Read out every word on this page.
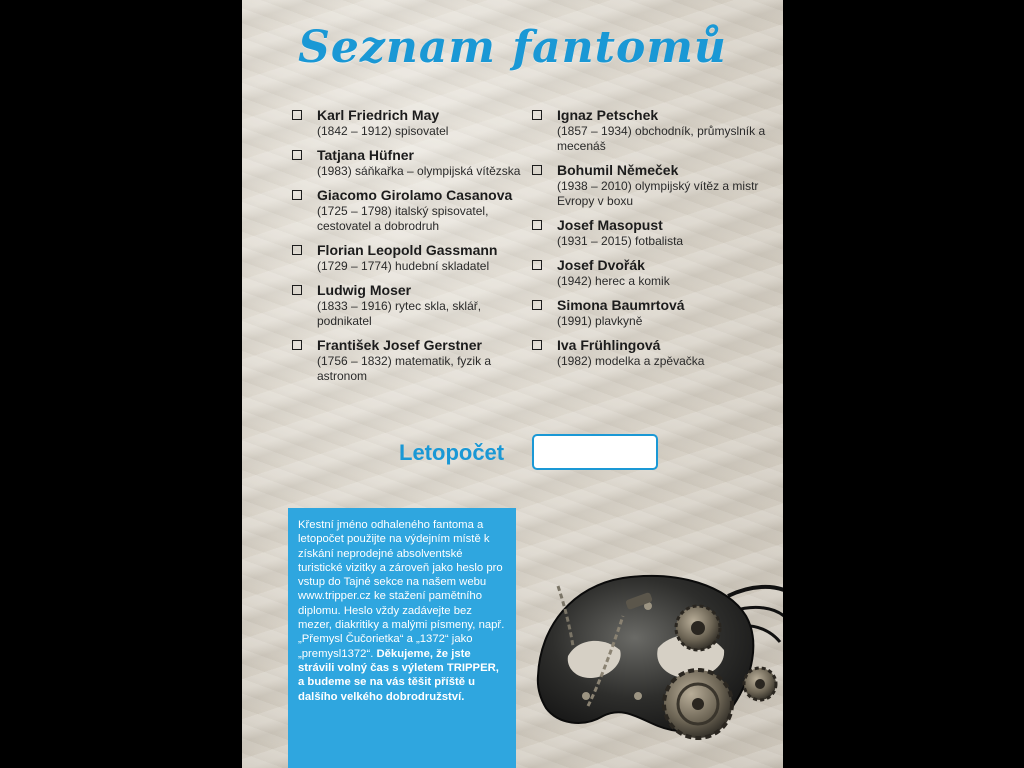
Seznam fantomů
Karl Friedrich May
(1842 – 1912) spisovatel
Tatjana Hüfner
(1983) sáňkařka – olympijská vítězska
Giacomo Girolamo Casanova
(1725 – 1798) italský spisovatel, cestovatel a dobrodruh
Florian Leopold Gassmann
(1729 – 1774) hudební skladatel
Ludwig Moser
(1833 – 1916) rytec skla, sklář, podnikatel
František Josef Gerstner
(1756 – 1832) matematik, fyzik a astronom
Ignaz Petschek
(1857 – 1934) obchodník, průmyslník a mecenáš
Bohumil Němeček
(1938 – 2010) olympijský vítěz a mistr Evropy v boxu
Josef Masopust
(1931 – 2015) fotbalista
Josef Dvořák
(1942) herec a komik
Simona Baumrtová
(1991) plavkyně
Iva Frühlingová
(1982) modelka a zpěvačka
Letopočet
Křestní jméno odhaleného fantoma a letopočet použijte na výdejním místě k získání neprodejné absolventské turistické vizitky a zároveň jako heslo pro vstup do Tajné sekce na našem webu www.tripper.cz ke stažení pamětního diplomu. Heslo vždy zadávejte bez mezer, diakritiky a malými písmeny, např. „Přemysl Čučorietka“ a „1372“ jako „premysl1372“. Děkujeme, že jste strávili volný čas s výletem TRIPPER, a budeme se na vás těšit příště u dalšího velkého dobrodružství.
